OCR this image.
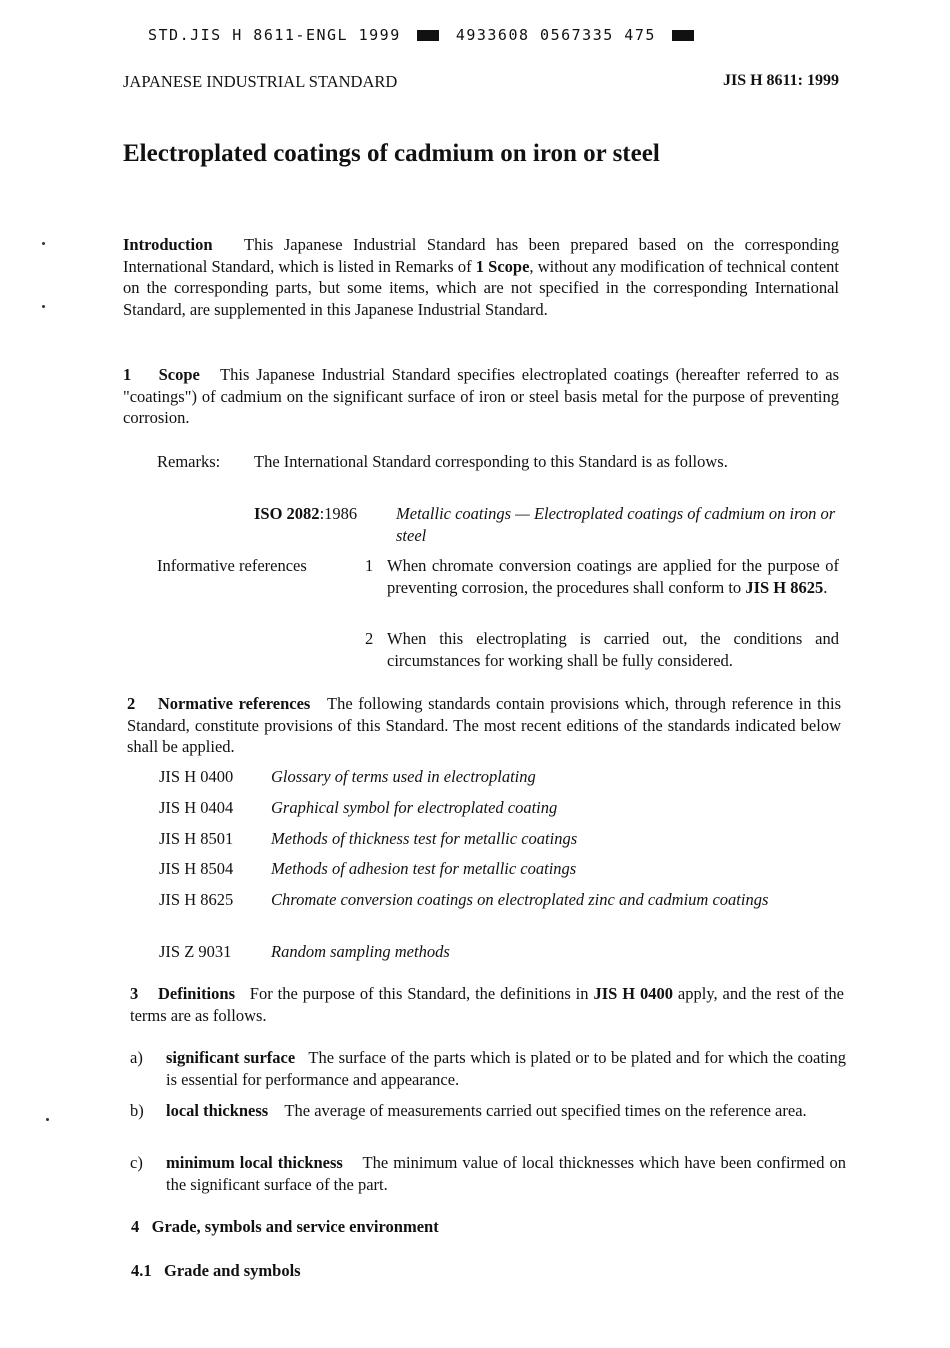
STD.JIS H 8611-ENGL 1999	4933608 0567335 475
JAPANESE INDUSTRIAL STANDARD	JIS H 8611: 1999
Electroplated coatings of cadmium on iron or steel
Introduction This Japanese Industrial Standard has been prepared based on the corresponding International Standard, which is listed in Remarks of 1 Scope, without any modification of technical content on the corresponding parts, but some items, which are not specified in the corresponding International Standard, are supplemented in this Japanese Industrial Standard.
1 Scope This Japanese Industrial Standard specifies electroplated coatings (hereafter referred to as "coatings") of cadmium on the significant surface of iron or steel basis metal for the purpose of preventing corrosion.
Remarks: The International Standard corresponding to this Standard is as follows.
ISO 2082:1986 Metallic coatings — Electroplated coatings of cadmium on iron or steel
Informative references	1 When chromate conversion coatings are applied for the purpose of preventing corrosion, the procedures shall conform to JIS H 8625.
2 When this electroplating is carried out, the conditions and circumstances for working shall be fully considered.
2 Normative references The following standards contain provisions which, through reference in this Standard, constitute provisions of this Standard. The most recent editions of the standards indicated below shall be applied.
JIS H 0400 Glossary of terms used in electroplating
JIS H 0404 Graphical symbol for electroplated coating
JIS H 8501 Methods of thickness test for metallic coatings
JIS H 8504 Methods of adhesion test for metallic coatings
JIS H 8625	Chromate conversion coatings on electroplated zinc and cadmium coatings
JIS Z 9031 Random sampling methods
3 Definitions For the purpose of this Standard, the definitions in JIS H 0400 apply, and the rest of the terms are as follows.
a) significant surface The surface of the parts which is plated or to be plated and for which the coating is essential for performance and appearance.
b) local thickness The average of measurements carried out specified times on the reference area.
c) minimum local thickness The minimum value of local thicknesses which have been confirmed on the significant surface of the part.
4 Grade, symbols and service environment
4.1 Grade and symbols
